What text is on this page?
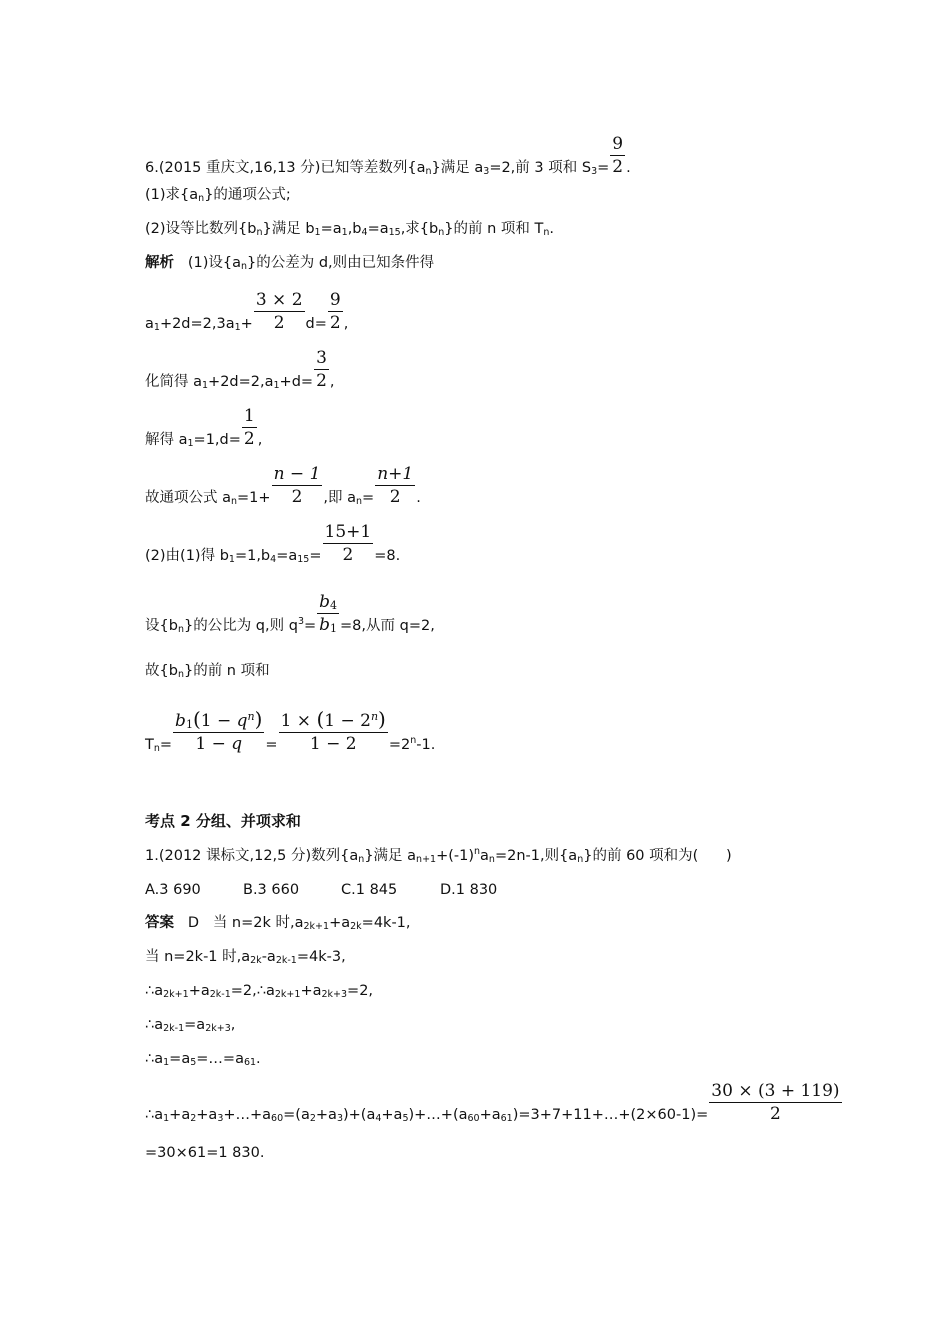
6.(2015 重庆文,16,13 分)已知等差数列$\{a_n\}$满足 $a_3=2$,前 3 项和 $S_3= \frac{9}{2}$ .
(1)求$\{a_n\}$的通项公式;
(2)设等比数列$\{b_n\}$满足 $b_1=a_1,b_4=a_{15}$,求$\{b_n\}$的前 n 项和 $T_n$.
解析 (1)设$\{a_n\}$的公差为 d,则由已知条件得
$a_1+2d=2,3a_1+ \frac{3 \times 2}{2} d= \frac{9}{2}$ ,
化简得 $a_1+2d=2,a_1+d= \frac{3}{2}$ ,
解得 $a_1=1,d= \frac{1}{2}$ ,
故通项公式 $a_n=1+ \frac{n - 1}{2}$ ,即 $a_n= \frac{n+1}{2}$ .
(2)由(1)得 $b_1=1,b_4=a_{15}= \frac{15+1}{2} =8$.
设$\{b_n\}$的公比为 q,则 $q^3= \frac{b_4}{b_1} =8$,从而 q=2,
故$\{b_n\}$的前 n 项和
$T_n= \frac{b_1(1 - q^n)}{1 - q} = \frac{1 \times (1 - 2^n)}{1 - 2} =2^n-1$.
考点 2 分组、并项求和
1.(2012 课标文,12,5 分)数列$\{a_n\}$满足 $a_{n+1}+(-1)^na_n=2n-1$,则$\{a_n\}$的前 60 项和为( )
A.3 690	B.3 660	C.1 845	D.1 830
答案 D 当 n=2k 时$,a_{2k+1}+a_{2k}=4k-1$,
当 n=2k-1 时$,a_{2k}-a_{2k-1}=4k-3$,
$\therefore a_{2k+1}+a_{2k-1}=2,\therefore a_{2k+1}+a_{2k+3}=2$,
$\therefore a_{2k-1}=a_{2k+3}$,
$\therefore a_1=a_5=\dots=a_{61}$.
$\therefore a_1+a_2+a_3+\dots+a_{60}=(a_2+a_3)+(a_4+a_5)+\dots+(a_{60}+a_{61})=3+7+11+\dots+(2\times 60-1)= \frac{30 \times (3 + 119)}{2}$
=30×61=1 830.
